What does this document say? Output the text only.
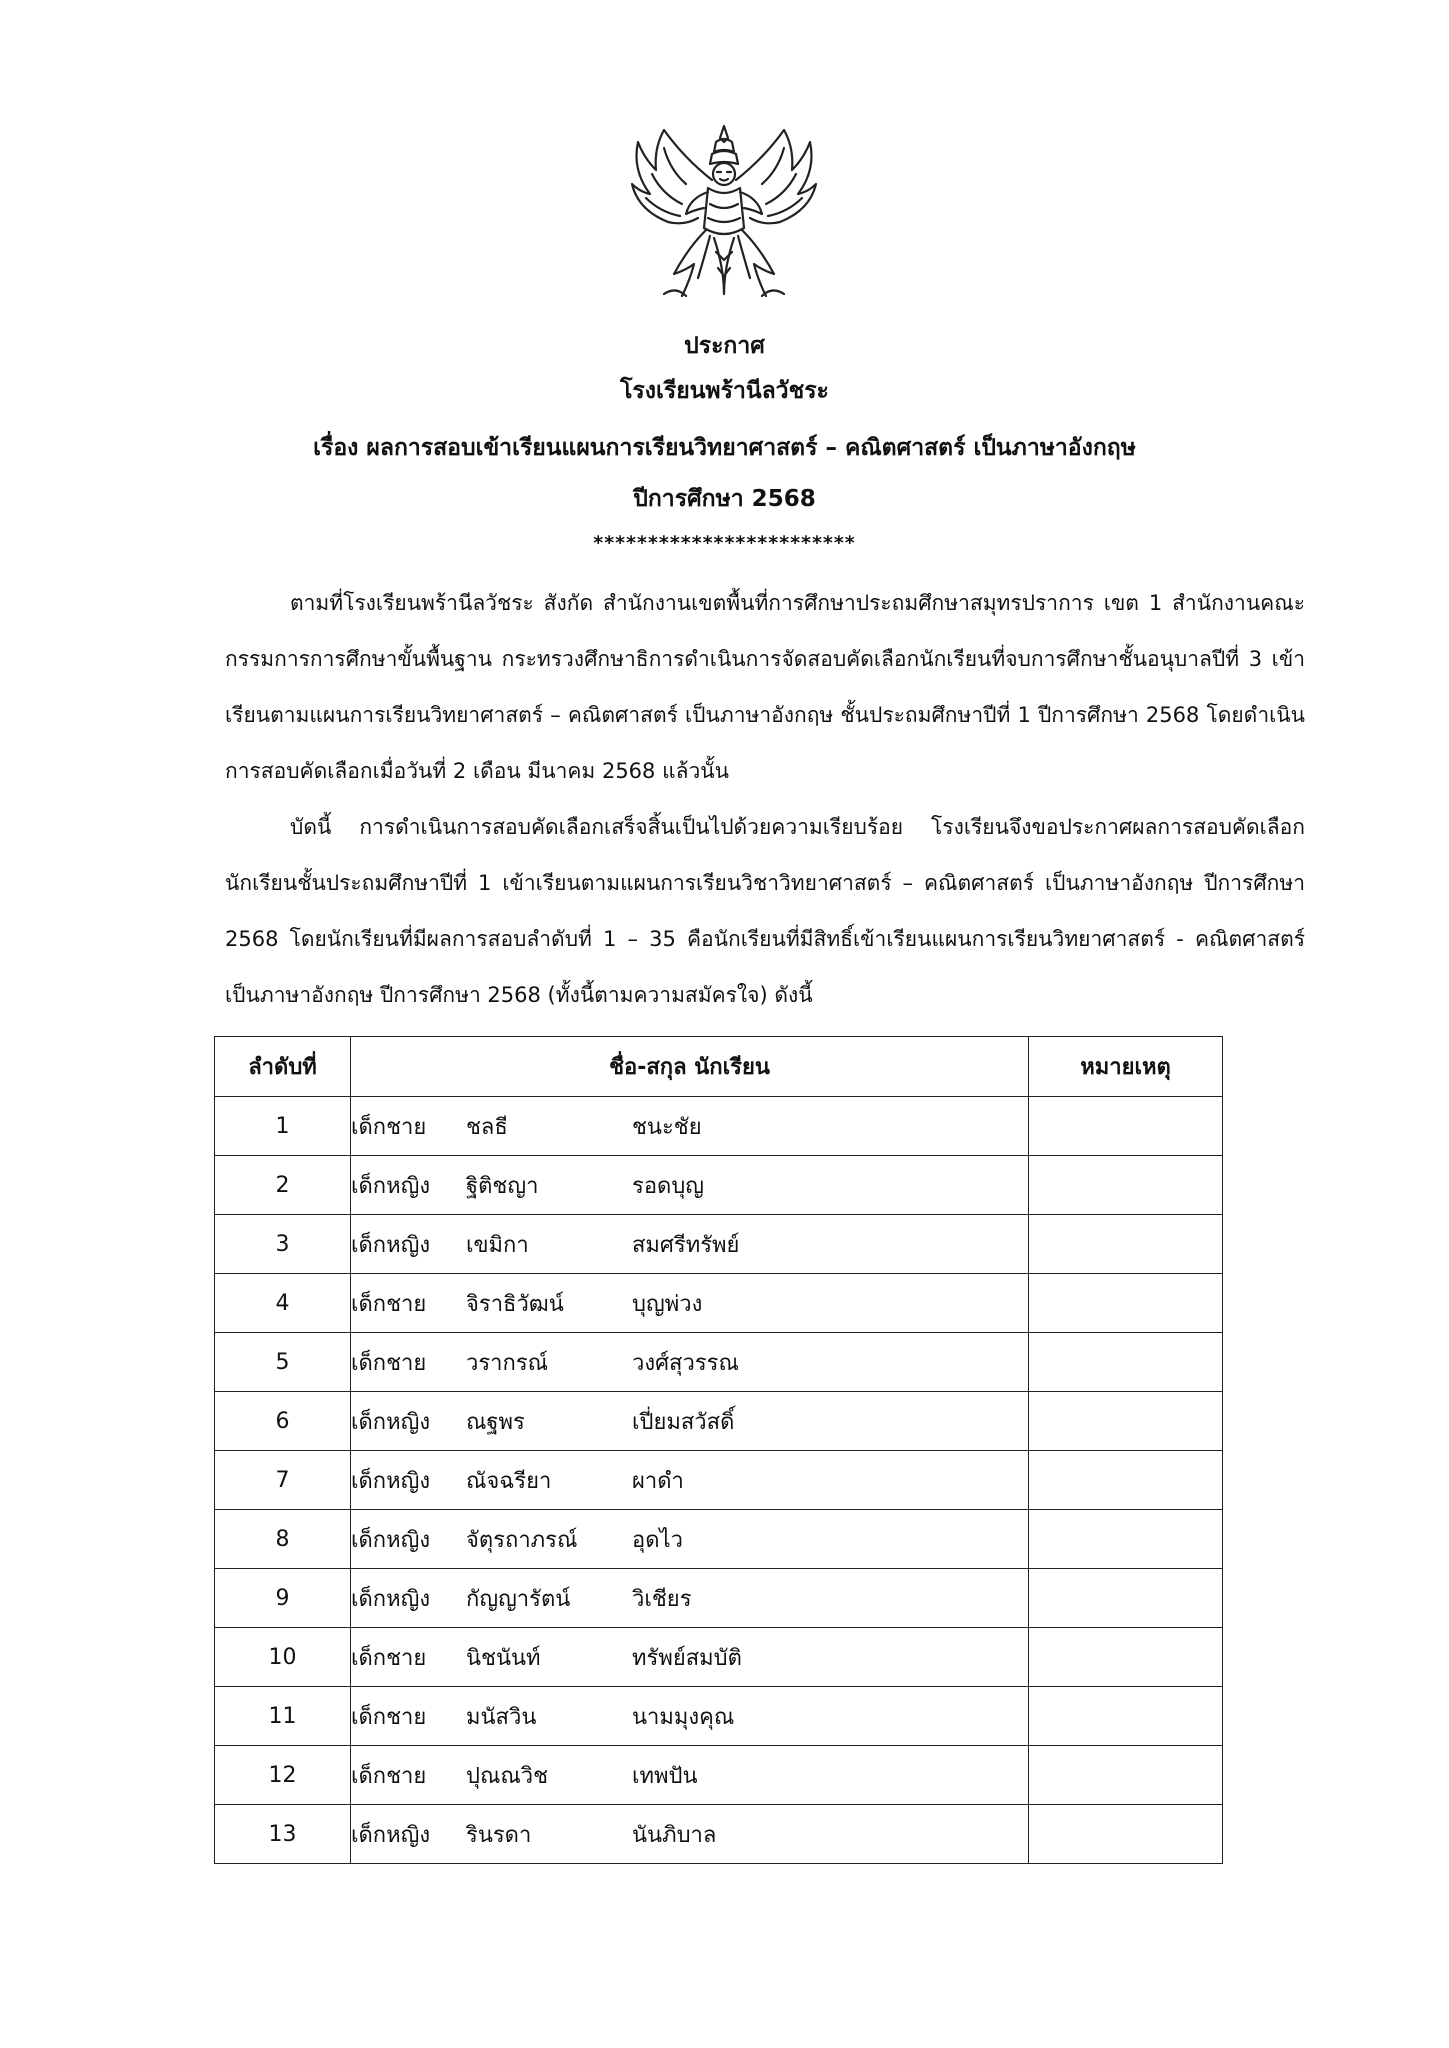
ประกาศ
โรงเรียนพร้านีลวัชระ
เรื่อง ผลการสอบเข้าเรียนแผนการเรียนวิทยาศาสตร์ – คณิตศาสตร์ เป็นภาษาอังกฤษ
ปีการศึกษา 2568
************************

ตามที่โรงเรียนพร้านีลวัชระ สังกัด สำนักงานเขตพื้นที่การศึกษาประถมศึกษาสมุทรปราการ เขต 1 สำนักงานคณะกรรมการการศึกษาขั้นพื้นฐาน กระทรวงศึกษาธิการดำเนินการจัดสอบคัดเลือกนักเรียนที่จบการศึกษาชั้นอนุบาลปีที่ 3 เข้าเรียนตามแผนการเรียนวิทยาศาสตร์ – คณิตศาสตร์ เป็นภาษาอังกฤษ ชั้นประถมศึกษาปีที่ 1 ปีการศึกษา 2568 โดยดำเนินการสอบคัดเลือกเมื่อวันที่ 2 เดือน มีนาคม 2568 แล้วนั้น

บัดนี้ การดำเนินการสอบคัดเลือกเสร็จสิ้นเป็นไปด้วยความเรียบร้อย โรงเรียนจึงขอประกาศผลการสอบคัดเลือกนักเรียนชั้นประถมศึกษาปีที่ 1 เข้าเรียนตามแผนการเรียนวิชาวิทยาศาสตร์ – คณิตศาสตร์ เป็นภาษาอังกฤษ ปีการศึกษา 2568 โดยนักเรียนที่มีผลการสอบลำดับที่ 1 – 35 คือนักเรียนที่มีสิทธิ์เข้าเรียนแผนการเรียนวิทยาศาสตร์ - คณิตศาสตร์ เป็นภาษาอังกฤษ ปีการศึกษา 2568 (ทั้งนี้ตามความสมัครใจ) ดังนี้

ลำดับที่	ชื่อ-สกุล นักเรียน	หมายเหตุ
1	เด็กชาย ชลธี ชนะชัย	
2	เด็กหญิง ฐิติชญา รอดบุญ	
3	เด็กหญิง เขมิกา สมศรีทรัพย์	
4	เด็กชาย จิราธิวัฒน์ บุญพ่วง	
5	เด็กชาย วรากรณ์ วงศ์สุวรรณ	
6	เด็กหญิง ณฐพร เปี่ยมสวัสดิ์	
7	เด็กหญิง ณัจฉรียา ผาดำ	
8	เด็กหญิง จัตุรถาภรณ์ อุดไว	
9	เด็กหญิง กัญญารัตน์ วิเชียร	
10	เด็กชาย นิชนันท์ ทรัพย์สมบัติ	
11	เด็กชาย มนัสวิน นามมุงคุณ	
12	เด็กชาย ปุณณวิช เทพปัน	
13	เด็กหญิง รินรดา นันภิบาล	
